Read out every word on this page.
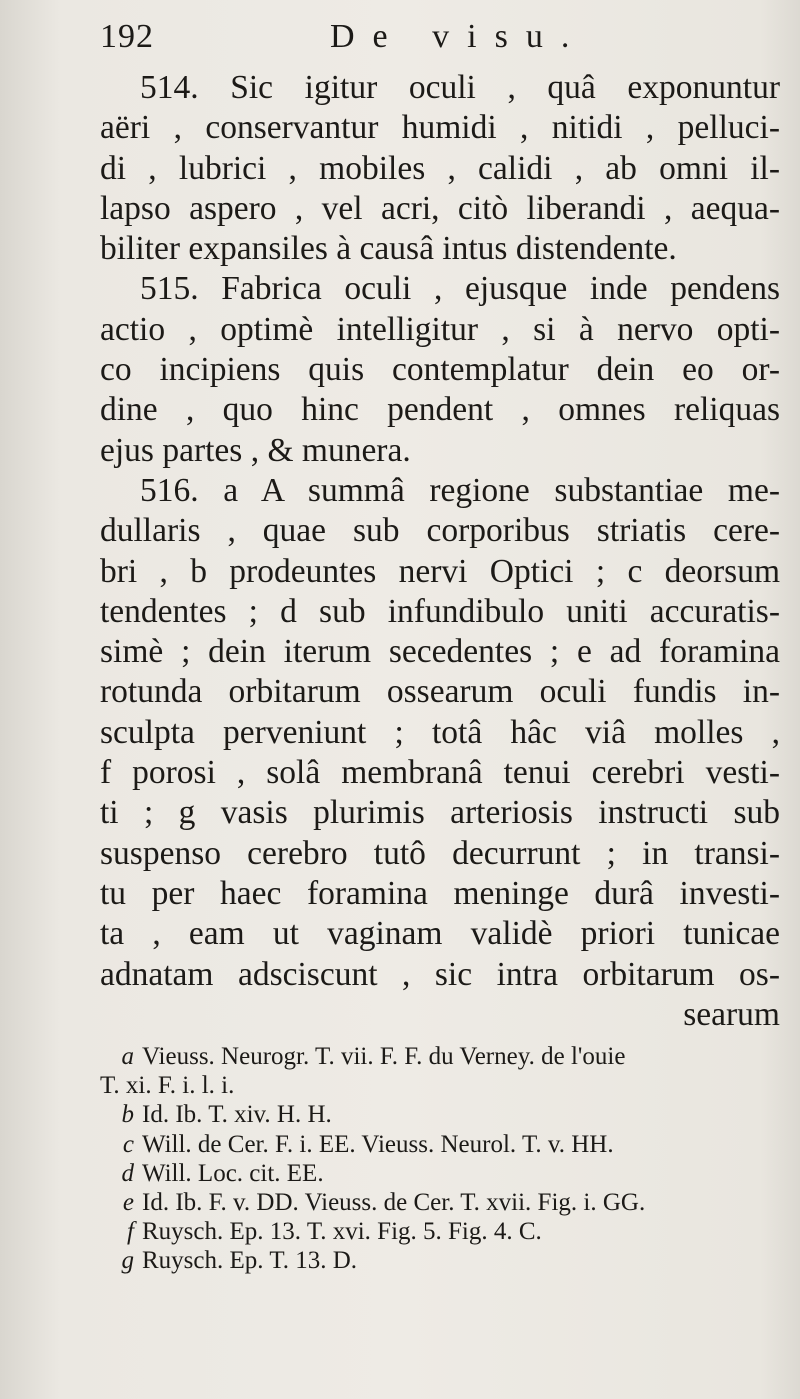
192	De visu.

514. Sic igitur oculi , quâ exponuntur
aëri , conservantur humidi , nitidi , pelluci-
di , lubrici , mobiles , calidi , ab omni il-
lapso aspero , vel acri, citò liberandi , aequa-
biliter expansiles à causâ intus distendente.

515. Fabrica oculi , ejusque inde pendens
actio , optimè intelligitur , si à nervo opti-
co incipiens quis contemplatur dein eo or-
dine , quo hinc pendent , omnes reliquas
ejus partes , & munera.

516. a A summâ regione substantiae me-
dullaris , quae sub corporibus striatis cere-
bri , b prodeuntes nervi Optici ; c deorsum
tendentes ; d sub infundibulo uniti accuratis-
simè ; dein iterum secedentes ; e ad foramina
rotunda orbitarum ossearum oculi fundis in-
sculpta perveniunt ; totâ hâc viâ molles ,
f porosi , solâ membranâ tenui cerebri vesti-
ti ; g vasis plurimis arteriosis instructi sub
suspenso cerebro tutô decurrunt ; in transi-
tu per haec foramina meninge durâ investi-
ta , eam ut vaginam validè priori tunicae
adnatam adsciscunt , sic intra orbitarum os-

searum
a Vieuss. Neurogr. T. vii. F. F. du Verney. de l'ouie
T. xi. F. i. l. i.
b Id. Ib. T. xiv. H. H.
c Will. de Cer. F. i. EE. Vieuss. Neurol. T. v. HH.
d Will. Loc. cit. EE.
e Id. Ib. F. v. DD. Vieuss. de Cer. T. xvii. Fig. i. GG.
f Ruysch. Ep. 13. T. xvi. Fig. 5. Fig. 4. C.
g Ruysch. Ep. T. 13. D.
